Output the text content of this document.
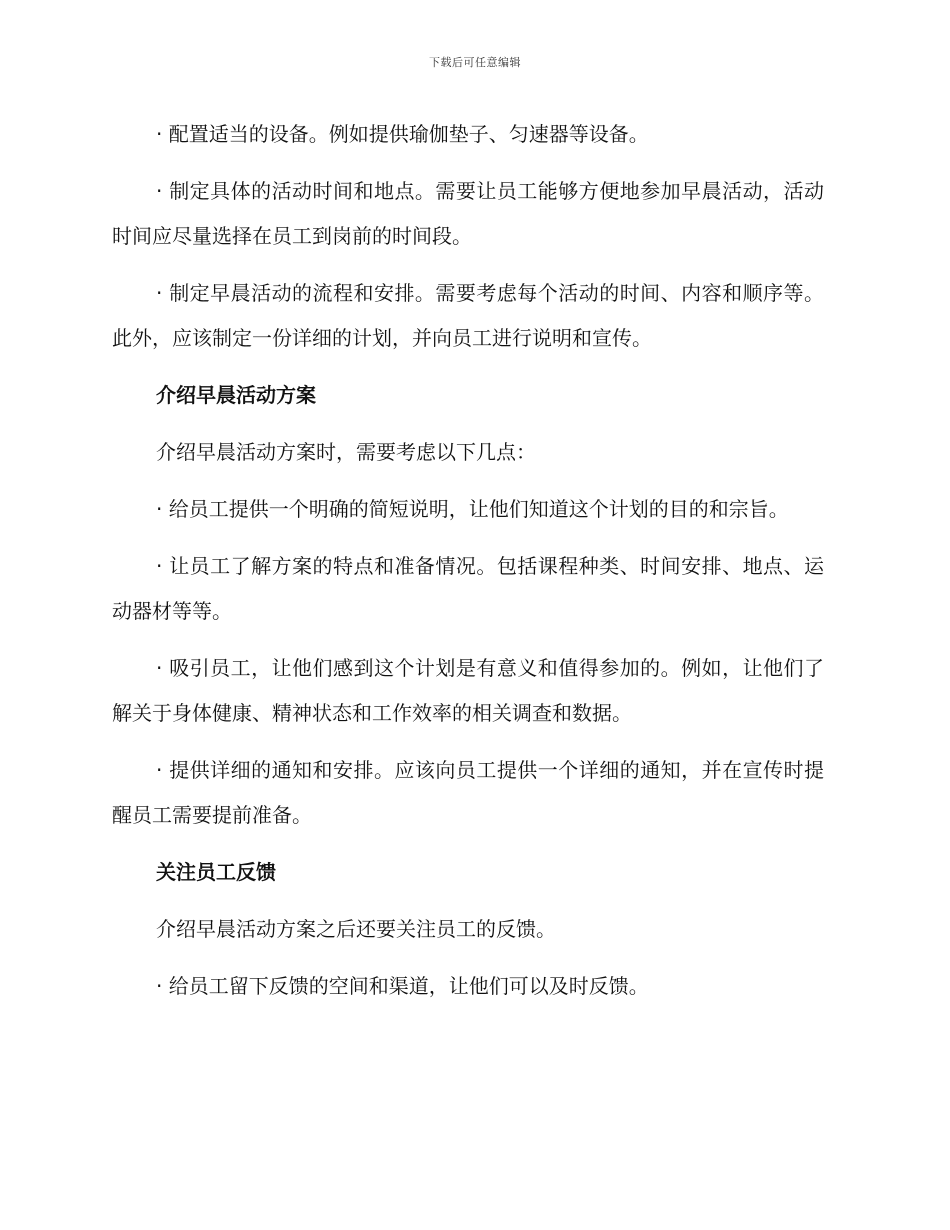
下载后可任意编辑

· 配置适当的设备。例如提供瑜伽垫子、匀速器等设备。

· 制定具体的活动时间和地点。需要让员工能够方便地参加早晨活动，活动时间应尽量选择在员工到岗前的时间段。

· 制定早晨活动的流程和安排。需要考虑每个活动的时间、内容和顺序等。此外，应该制定一份详细的计划，并向员工进行说明和宣传。

介绍早晨活动方案

介绍早晨活动方案时，需要考虑以下几点：

· 给员工提供一个明确的简短说明，让他们知道这个计划的目的和宗旨。

· 让员工了解方案的特点和准备情况。包括课程种类、时间安排、地点、运动器材等等。

· 吸引员工，让他们感到这个计划是有意义和值得参加的。例如，让他们了解关于身体健康、精神状态和工作效率的相关调查和数据。

· 提供详细的通知和安排。应该向员工提供一个详细的通知，并在宣传时提醒员工需要提前准备。

关注员工反馈

介绍早晨活动方案之后还要关注员工的反馈。

· 给员工留下反馈的空间和渠道，让他们可以及时反馈。
